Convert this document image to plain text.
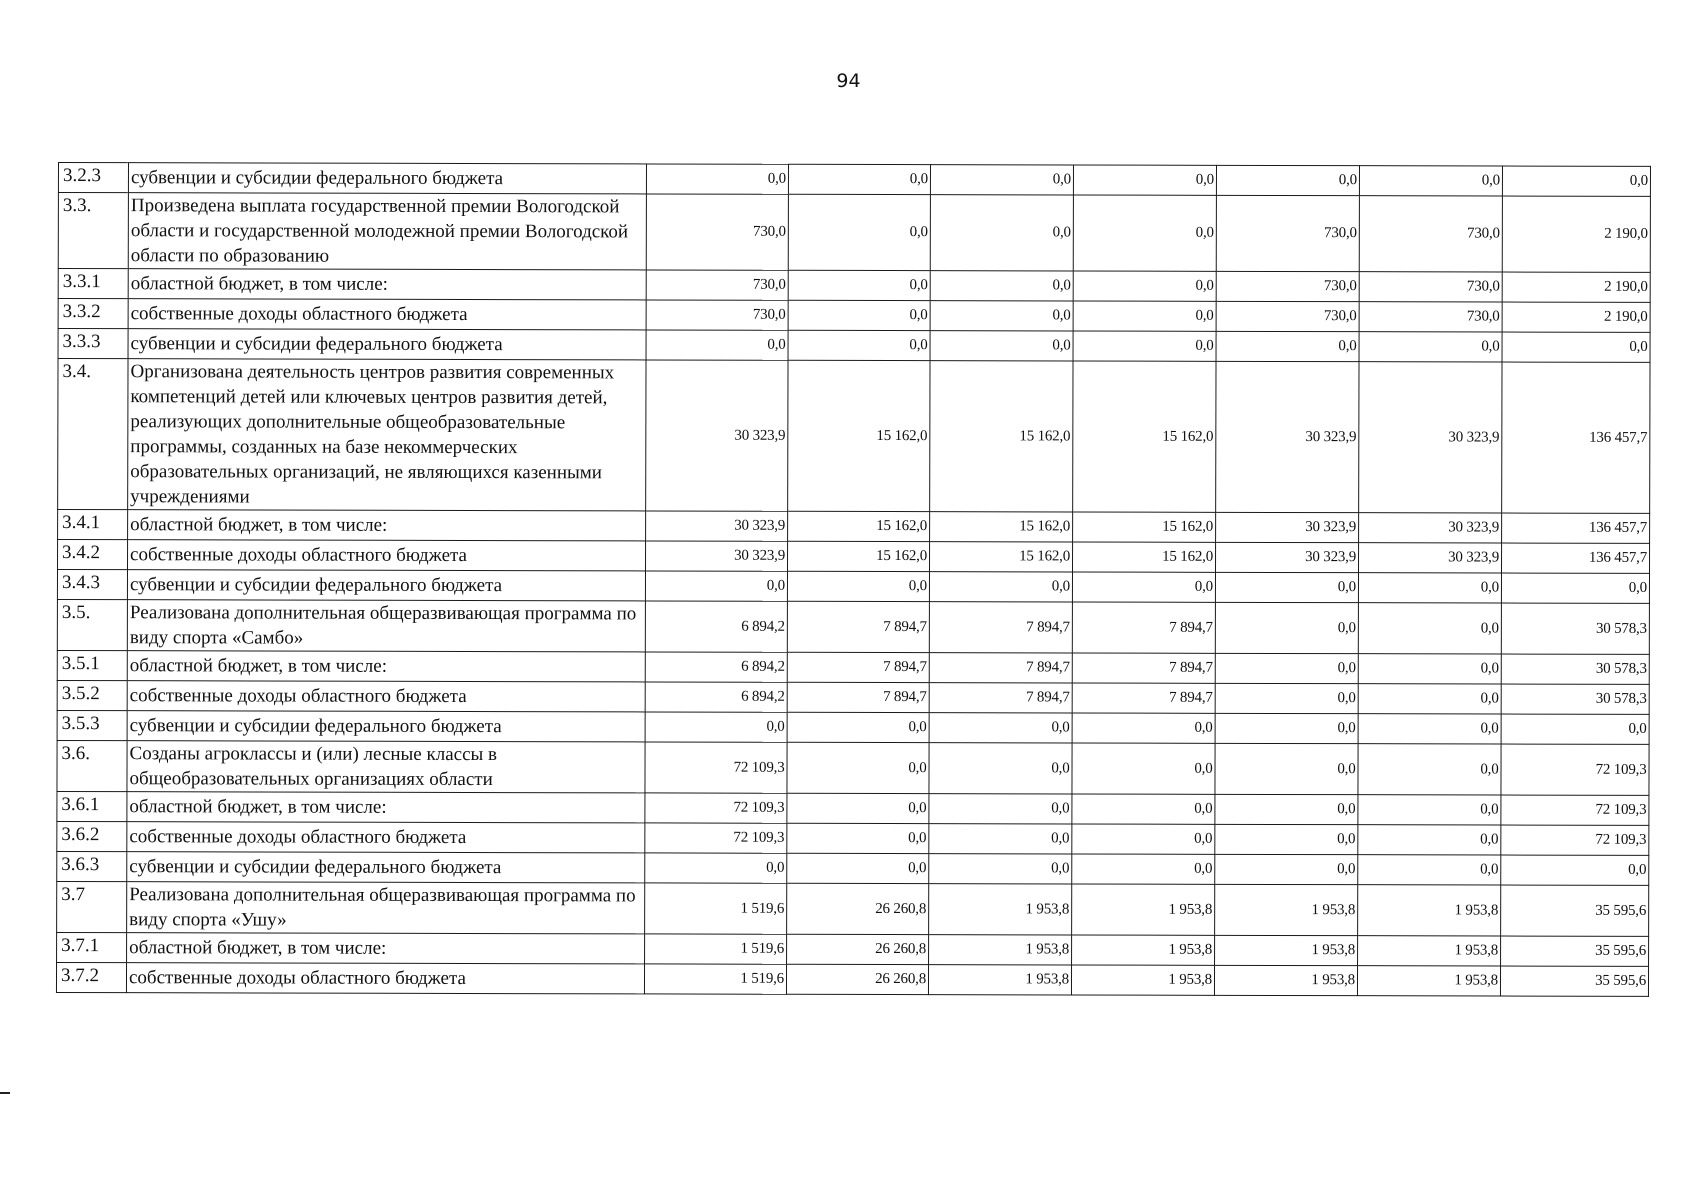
94
3.2.3	субвенции и субсидии федерального бюджета	0,0	0,0	0,0	0,0	0,0	0,0	0,0
3.3.	Произведена выплата государственной премии Вологодской области и государственной молодежной премии Вологодской области по образованию	730,0	0,0	0,0	0,0	730,0	730,0	2 190,0
3.3.1	областной бюджет, в том числе:	730,0	0,0	0,0	0,0	730,0	730,0	2 190,0
3.3.2	собственные доходы областного бюджета	730,0	0,0	0,0	0,0	730,0	730,0	2 190,0
3.3.3	субвенции и субсидии федерального бюджета	0,0	0,0	0,0	0,0	0,0	0,0	0,0
3.4.	Организована деятельность центров развития современных компетенций детей или ключевых центров развития детей, реализующих дополнительные общеобразовательные программы, созданных на базе некоммерческих образовательных организаций, не являющихся казенными учреждениями	30 323,9	15 162,0	15 162,0	15 162,0	30 323,9	30 323,9	136 457,7
3.4.1	областной бюджет, в том числе:	30 323,9	15 162,0	15 162,0	15 162,0	30 323,9	30 323,9	136 457,7
3.4.2	собственные доходы областного бюджета	30 323,9	15 162,0	15 162,0	15 162,0	30 323,9	30 323,9	136 457,7
3.4.3	субвенции и субсидии федерального бюджета	0,0	0,0	0,0	0,0	0,0	0,0	0,0
3.5.	Реализована дополнительная общеразвивающая программа по виду спорта «Самбо»	6 894,2	7 894,7	7 894,7	7 894,7	0,0	0,0	30 578,3
3.5.1	областной бюджет, в том числе:	6 894,2	7 894,7	7 894,7	7 894,7	0,0	0,0	30 578,3
3.5.2	собственные доходы областного бюджета	6 894,2	7 894,7	7 894,7	7 894,7	0,0	0,0	30 578,3
3.5.3	субвенции и субсидии федерального бюджета	0,0	0,0	0,0	0,0	0,0	0,0	0,0
3.6.	Созданы агроклассы и (или) лесные классы в общеобразовательных организациях области	72 109,3	0,0	0,0	0,0	0,0	0,0	72 109,3
3.6.1	областной бюджет, в том числе:	72 109,3	0,0	0,0	0,0	0,0	0,0	72 109,3
3.6.2	собственные доходы областного бюджета	72 109,3	0,0	0,0	0,0	0,0	0,0	72 109,3
3.6.3	субвенции и субсидии федерального бюджета	0,0	0,0	0,0	0,0	0,0	0,0	0,0
3.7	Реализована дополнительная общеразвивающая программа по виду спорта «Ушу»	1 519,6	26 260,8	1 953,8	1 953,8	1 953,8	1 953,8	35 595,6
3.7.1	областной бюджет, в том числе:	1 519,6	26 260,8	1 953,8	1 953,8	1 953,8	1 953,8	35 595,6
3.7.2	собственные доходы областного бюджета	1 519,6	26 260,8	1 953,8	1 953,8	1 953,8	1 953,8	35 595,6
